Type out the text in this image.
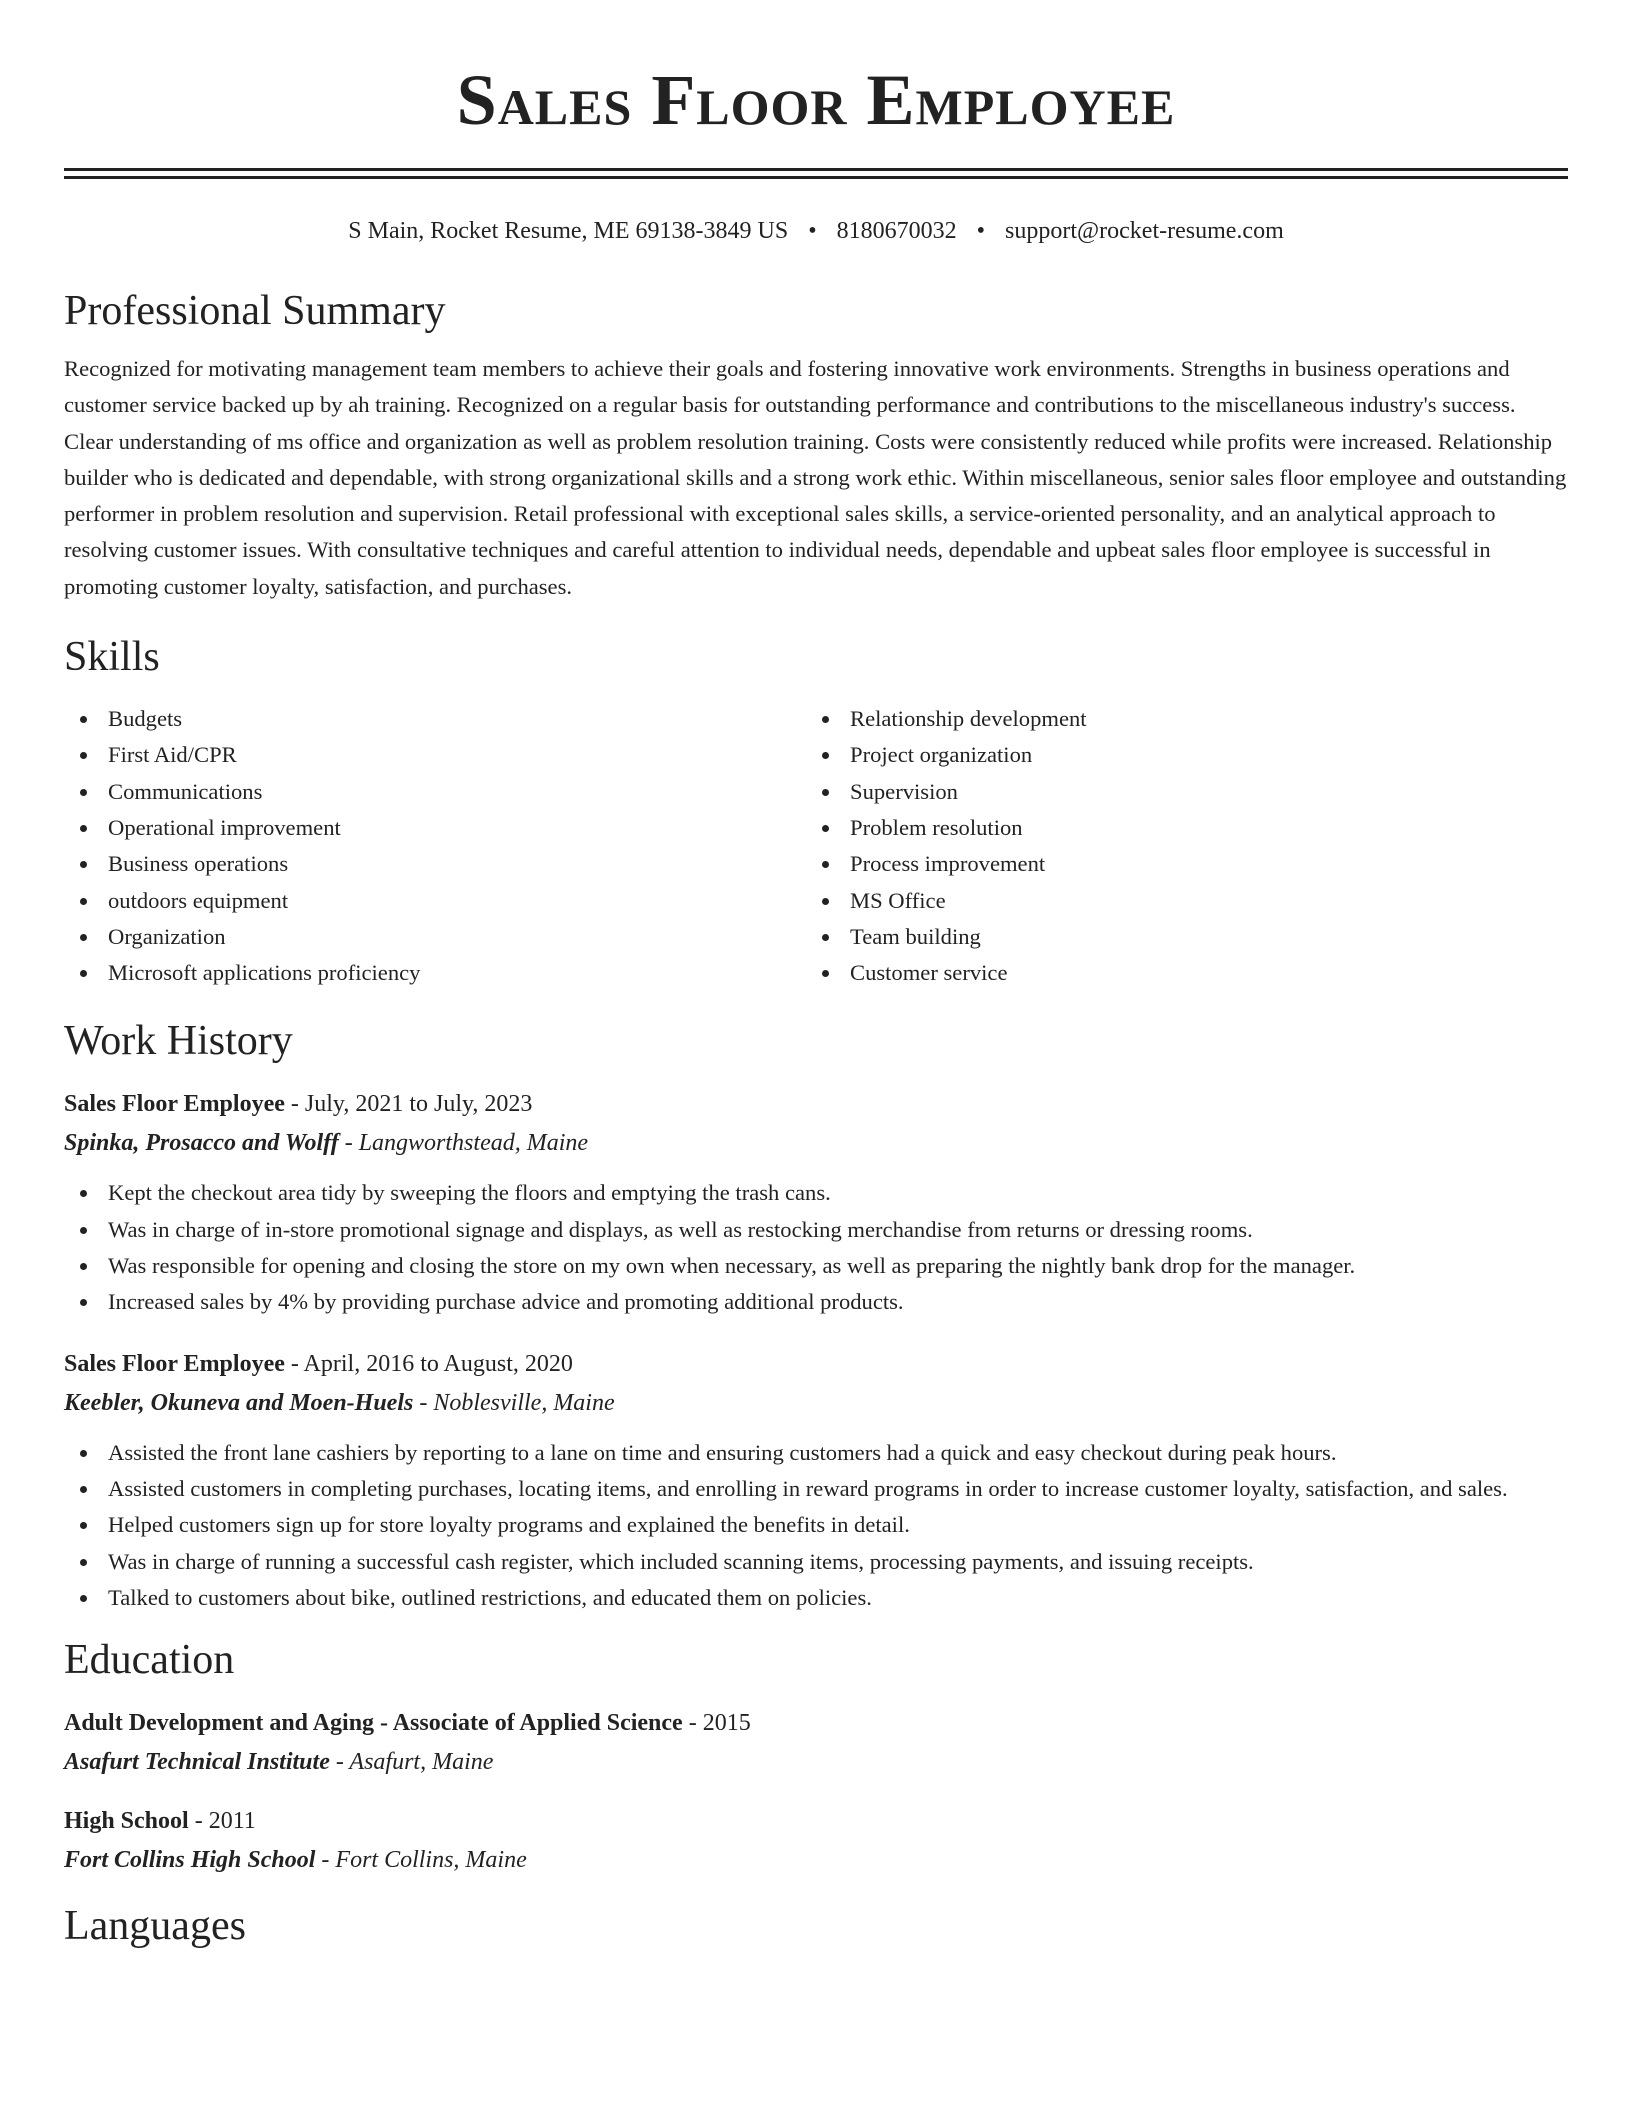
Sales Floor Employee
S Main, Rocket Resume, ME 69138-3849 US • 8180670032 • support@rocket-resume.com
Professional Summary

Recognized for motivating management team members to achieve their goals and fostering innovative work environments. Strengths in business operations and customer service backed up by ah training. Recognized on a regular basis for outstanding performance and contributions to the miscellaneous industry's success. Clear understanding of ms office and organization as well as problem resolution training. Costs were consistently reduced while profits were increased. Relationship builder who is dedicated and dependable, with strong organizational skills and a strong work ethic. Within miscellaneous, senior sales floor employee and outstanding performer in problem resolution and supervision. Retail professional with exceptional sales skills, a service-oriented personality, and an analytical approach to resolving customer issues. With consultative techniques and careful attention to individual needs, dependable and upbeat sales floor employee is successful in promoting customer loyalty, satisfaction, and purchases.

Skills
Budgets
First Aid/CPR
Communications
Operational improvement
Business operations
outdoors equipment
Organization
Microsoft applications proficiency
Relationship development
Project organization
Supervision
Problem resolution
Process improvement
MS Office
Team building
Customer service
Work History
Sales Floor Employee - July, 2021 to July, 2023
Spinka, Prosacco and Wolff - Langworthstead, Maine
Kept the checkout area tidy by sweeping the floors and emptying the trash cans.
Was in charge of in-store promotional signage and displays, as well as restocking merchandise from returns or dressing rooms.
Was responsible for opening and closing the store on my own when necessary, as well as preparing the nightly bank drop for the manager.
Increased sales by 4% by providing purchase advice and promoting additional products.
Sales Floor Employee - April, 2016 to August, 2020
Keebler, Okuneva and Moen-Huels - Noblesville, Maine
Assisted the front lane cashiers by reporting to a lane on time and ensuring customers had a quick and easy checkout during peak hours.
Assisted customers in completing purchases, locating items, and enrolling in reward programs in order to increase customer loyalty, satisfaction, and sales.
Helped customers sign up for store loyalty programs and explained the benefits in detail.
Was in charge of running a successful cash register, which included scanning items, processing payments, and issuing receipts.
Talked to customers about bike, outlined restrictions, and educated them on policies.
Education
Adult Development and Aging - Associate of Applied Science - 2015
Asafurt Technical Institute - Asafurt, Maine
High School - 2011
Fort Collins High School - Fort Collins, Maine
Languages
